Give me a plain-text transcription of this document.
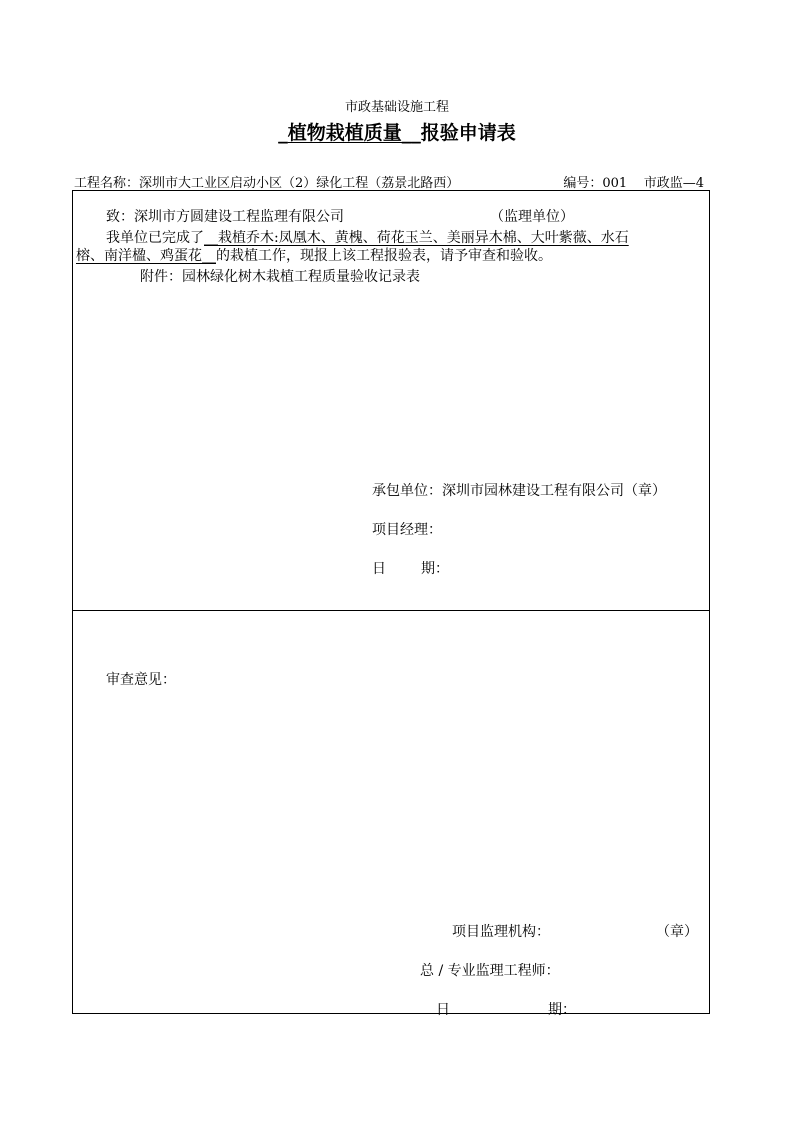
市政基础设施工程
_植物栽植质量__报验申请表
工程名称：深圳市大工业区启动小区（2）绿化工程（荔景北路西）	编号：001 市政监—4
致：深圳市方圆建设工程监理有限公司	（监理单位）
我单位已完成了__栽植乔木:凤凰木、黄槐、荷花玉兰、美丽异木棉、大叶紫薇、水石
榕、南洋楹、鸡蛋花__的栽植工作，现报上该工程报验表，请予审查和验收。
附件：园林绿化树木栽植工程质量验收记录表
承包单位：深圳市园林建设工程有限公司（章）
项目经理：
日	期：
审查意见：
项目监理机构：	（章）
总 / 专业监理工程师：
日	期：
